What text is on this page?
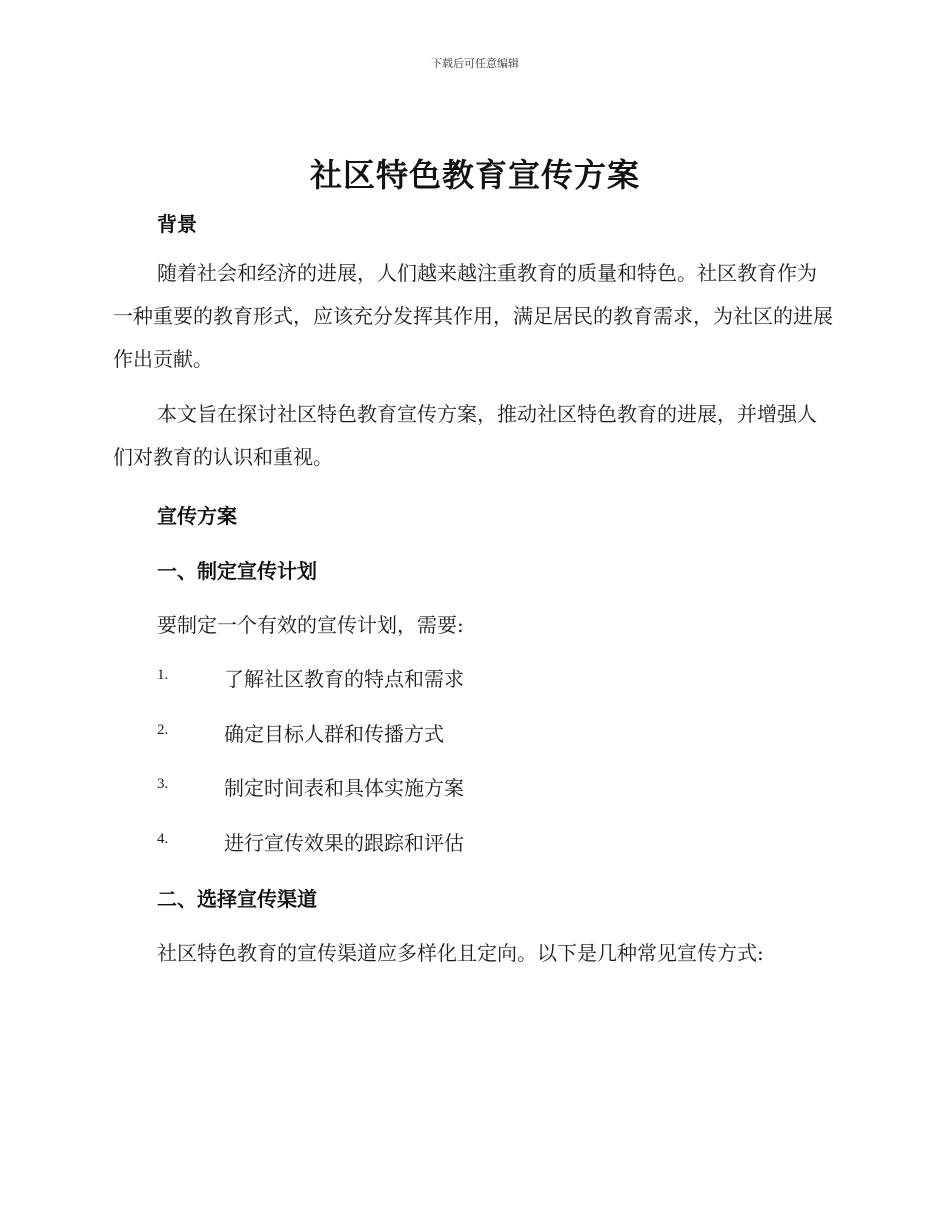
下载后可任意编辑
社区特色教育宣传方案
背景
随着社会和经济的进展，人们越来越注重教育的质量和特色。社区教育作为一种重要的教育形式，应该充分发挥其作用，满足居民的教育需求，为社区的进展作出贡献。
本文旨在探讨社区特色教育宣传方案，推动社区特色教育的进展，并增强人们对教育的认识和重视。
宣传方案
一、制定宣传计划
要制定一个有效的宣传计划，需要:
1.	了解社区教育的特点和需求
2.	确定目标人群和传播方式
3.	制定时间表和具体实施方案
4.	进行宣传效果的跟踪和评估
二、选择宣传渠道
社区特色教育的宣传渠道应多样化且定向。以下是几种常见宣传方式:
